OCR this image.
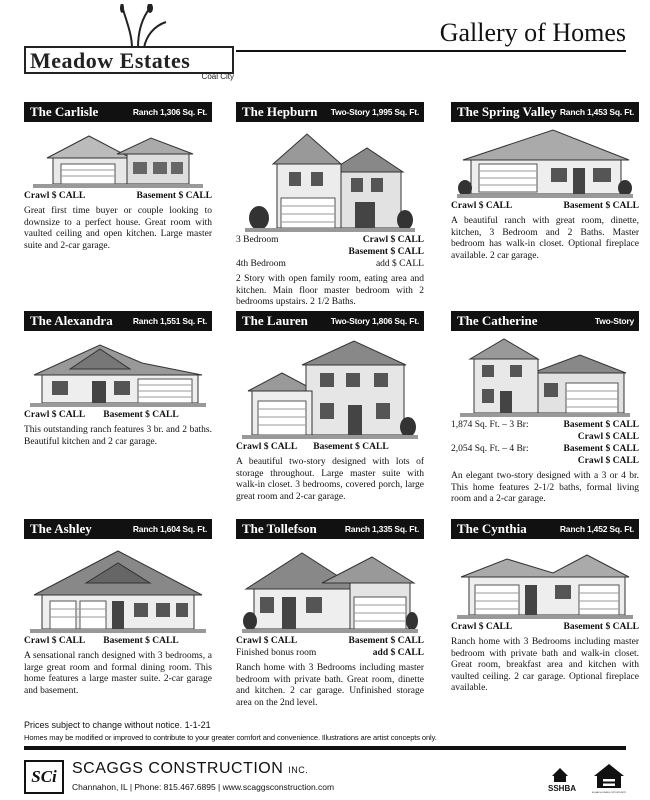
Meadow Estates
Coal City
Gallery of Homes
The Carlisle	Ranch 1,306 Sq. Ft.
Crawl $ CALL	Basement $ CALL

Great first time buyer or couple looking to downsize to a perfect house. Great room with vaulted ceiling and open kitchen. Large master suite and 2-car garage.

The Hepburn Two-Story 1,995 Sq. Ft.
3 Bedroom	Crawl $ CALL
Basement $ CALL
4th Bedroom	add $ CALL

2 Story with open family room, eating area and kitchen. Main floor master bedroom with 2 bedrooms upstairs. 2 1/2 Baths.

The Spring Valley Ranch 1,453 Sq. Ft.
Crawl $ CALL	Basement $ CALL

A beautiful ranch with great room, dinette, kitchen, 3 Bedroom and 2 Baths. Master bedroom has walk-in closet. Optional fireplace available. 2 car garage.

The Alexandra Ranch 1,551 Sq. Ft.
Crawl $ CALL Basement $ CALL

This outstanding ranch features 3 br. and 2 baths. Beautiful kitchen and 2 car garage.

The Lauren	Two-Story 1,806 Sq. Ft.
Crawl $ CALL Basement $ CALL

A beautiful two-story designed with lots of storage throughout. Large master suite with walk-in closet. 3 bedrooms, covered porch, large great room and 2-car garage.

The Catherine	Two-Story
1,874 Sq. Ft. – 3 Br:	Basement $ CALL
Crawl $ CALL
2,054 Sq. Ft. – 4 Br:	Basement $ CALL
Crawl $ CALL

An elegant two-story designed with a 3 or 4 br. This home features 2-1/2 baths, formal living room and a 2-car garage.

The Ashley	Ranch 1,604 Sq. Ft.
Crawl $ CALL Basement $ CALL

A sensational ranch designed with 3 bedrooms, a large great room and formal dining room. This home features a large master suite. 2-car garage and basement.

The Tollefson	Ranch 1,335 Sq. Ft.
Crawl $ CALL	Basement $ CALL
Finished bonus room	add $ CALL

Ranch home with 3 Bedrooms including master bedroom with private bath. Great room, dinette and kitchen. 2 car garage. Unfinished storage area on the 2nd level.

The Cynthia	Ranch 1,452 Sq. Ft.
Crawl $ CALL	Basement $ CALL

Ranch home with 3 Bedrooms including master bedroom with private bath and walk-in closet. Great room, breakfast area and kitchen with vaulted ceiling. 2 car garage. Optional fireplace available.

Prices subject to change without notice. 1-1-21
Homes may be modified or improved to contribute to your greater comfort and convenience. Illustrations are artist concepts only.
SCi SCAGGS CONSTRUCTION INC.
Channahon, IL | Phone: 815.467.6895 | www.scaggsconstruction.com	SSHBA	EQUAL HOUSING OPPORTUNITY
